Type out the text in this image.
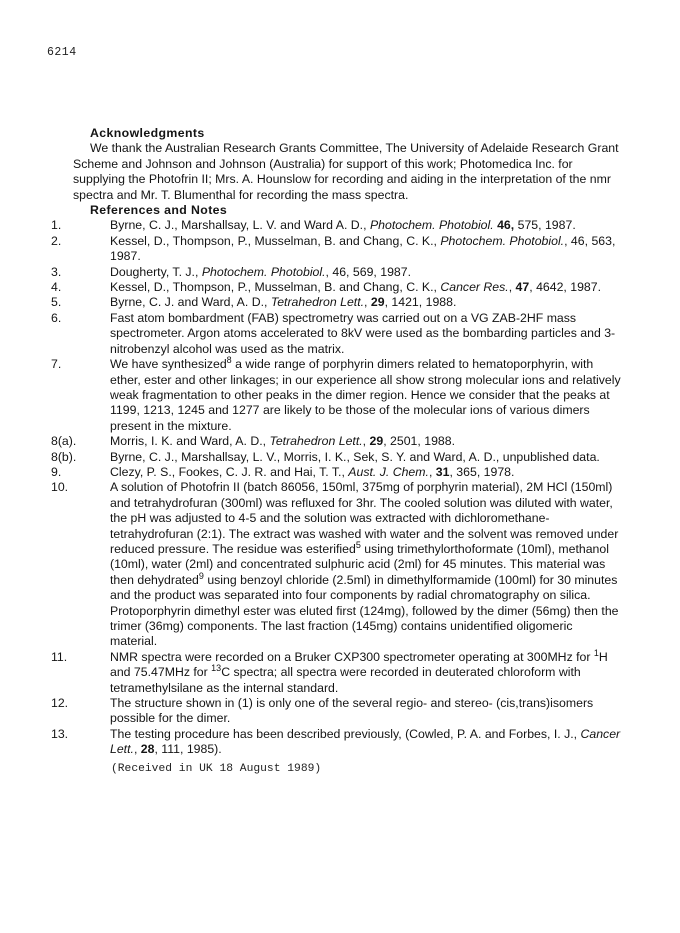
6214
Acknowledgments
We thank the Australian Research Grants Committee, The University of Adelaide Research Grant Scheme and Johnson and Johnson (Australia) for support of this work; Photomedica Inc. for supplying the Photofrin II; Mrs. A. Hounslow for recording and aiding in the interpretation of the nmr spectra and Mr. T. Blumenthal for recording the mass spectra.
References and Notes
1.	Byrne, C. J., Marshallsay, L. V. and Ward A. D., Photochem. Photobiol. 46, 575, 1987.
2.	Kessel, D., Thompson, P., Musselman, B. and Chang, C. K., Photochem. Photobiol., 46, 563, 1987.
3.	Dougherty, T. J., Photochem. Photobiol., 46, 569, 1987.
4.	Kessel, D., Thompson, P., Musselman, B. and Chang, C. K., Cancer Res., 47, 4642, 1987.
5.	Byrne, C. J. and Ward, A. D., Tetrahedron Lett., 29, 1421, 1988.
6.	Fast atom bombardment (FAB) spectrometry was carried out on a VG ZAB-2HF mass spectrometer. Argon atoms accelerated to 8kV were used as the bombarding particles and 3-nitrobenzyl alcohol was used as the matrix.
7.	We have synthesized$^8$ a wide range of porphyrin dimers related to hematoporphyrin, with ether, ester and other linkages; in our experience all show strong molecular ions and relatively weak fragmentation to other peaks in the dimer region. Hence we consider that the peaks at 1199, 1213, 1245 and 1277 are likely to be those of the molecular ions of various dimers present in the mixture.
8(a).	Morris, I. K. and Ward, A. D., Tetrahedron Lett., 29, 2501, 1988.
8(b).	Byrne, C. J., Marshallsay, L. V., Morris, I. K., Sek, S. Y. and Ward, A. D., unpublished data.
9.	Clezy, P. S., Fookes, C. J. R. and Hai, T. T., Aust. J. Chem., 31, 365, 1978.
10.	A solution of Photofrin II (batch 86056, 150ml, 375mg of porphyrin material), 2M HCl (150ml) and tetrahydrofuran (300ml) was refluxed for 3hr. The cooled solution was diluted with water, the pH was adjusted to 4-5 and the solution was extracted with dichloromethane-tetrahydrofuran (2:1). The extract was washed with water and the solvent was removed under reduced pressure. The residue was esterified$^5$ using trimethylorthoformate (10ml), methanol (10ml), water (2ml) and concentrated sulphuric acid (2ml) for 45 minutes. This material was then dehydrated$^9$ using benzoyl chloride (2.5ml) in dimethylformamide (100ml) for 30 minutes and the product was separated into four components by radial chromatography on silica. Protoporphyrin dimethyl ester was eluted first (124mg), followed by the dimer (56mg) then the trimer (36mg) components. The last fraction (145mg) contains unidentified oligomeric material.
11.	NMR spectra were recorded on a Bruker CXP300 spectrometer operating at 300MHz for $^1$H and 75.47MHz for $^{13}$C spectra; all spectra were recorded in deuterated chloroform with tetramethylsilane as the internal standard.
12.	The structure shown in (1) is only one of the several regio- and stereo- (cis,trans)isomers possible for the dimer.
13.	The testing procedure has been described previously, (Cowled, P. A. and Forbes, I. J., Cancer Lett., 28, 111, 1985).
(Received in UK 18 August 1989)
